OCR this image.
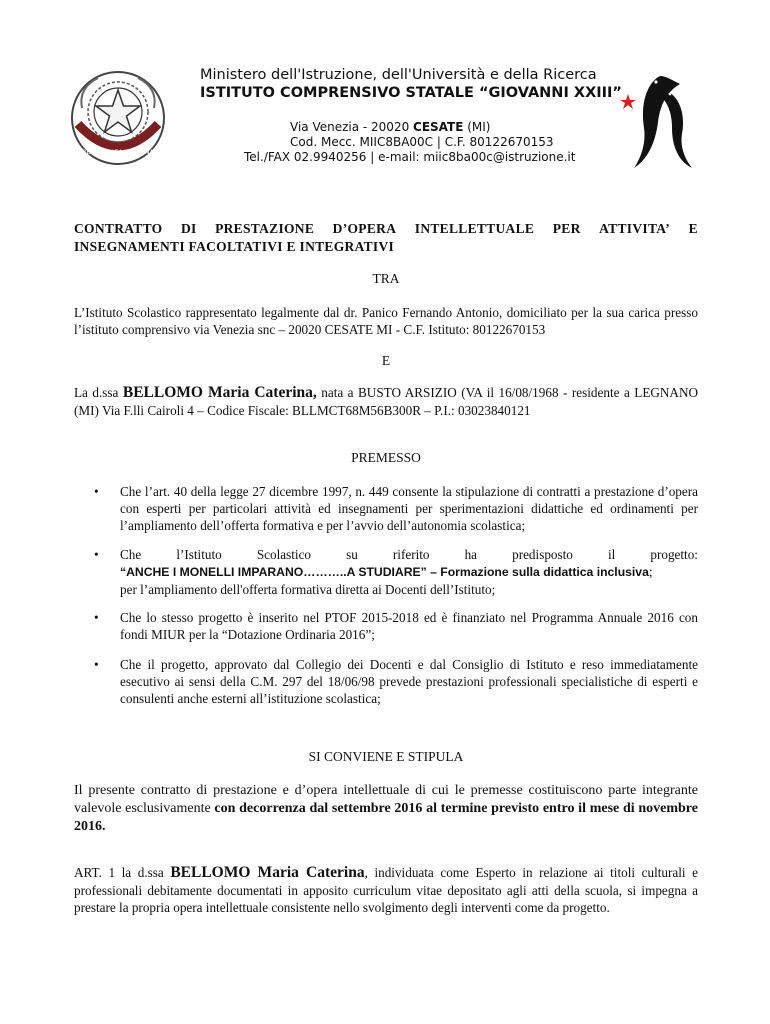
REPUBBLICA ITALIANA
Ministero dell'Istruzione, dell'Università e della Ricerca
ISTITUTO COMPRENSIVO STATALE “GIOVANNI XXIII”
Via Venezia - 20020 CESATE (MI)
Cod. Mecc. MIIC8BA00C | C.F. 80122670153
Tel./FAX 02.9940256 | e-mail: miic8ba00c@istruzione.it
CONTRATTO DI PRESTAZIONE D’OPERA INTELLETTUALE PER ATTIVITA’ E
INSEGNAMENTI FACOLTATIVI E INTEGRATIVI
TRA
L’Istituto Scolastico rappresentato legalmente dal dr. Panico Fernando Antonio, domiciliato per la sua carica presso l’istituto comprensivo via Venezia snc – 20020 CESATE MI - C.F. Istituto: 80122670153
E
La d.ssa BELLOMO Maria Caterina, nata a BUSTO ARSIZIO (VA il 16/08/1968 - residente a LEGNANO (MI) Via F.lli Cairoli 4 – Codice Fiscale: BLLMCT68M56B300R – P.I.: 03023840121
PREMESSO
• Che l’art. 40 della legge 27 dicembre 1997, n. 449 consente la stipulazione di contratti a prestazione d’opera con esperti per particolari attività ed insegnamenti per sperimentazioni didattiche ed ordinamenti per l’ampliamento dell’offerta formativa e per l’avvio dell’autonomia scolastica;
• Che	l’Istituto	Scolastico	su	riferito	ha	predisposto	il	progetto:
“ANCHE I MONELLI IMPARANO………..A STUDIARE” – Formazione sulla didattica inclusiva;
per l’ampliamento dell'offerta formativa diretta ai Docenti dell’Istituto;
• Che lo stesso progetto è inserito nel PTOF 2015-2018 ed è finanziato nel Programma Annuale 2016 con fondi MIUR per la “Dotazione Ordinaria 2016”;
• Che il progetto, approvato dal Collegio dei Docenti e dal Consiglio di Istituto e reso immediatamente esecutivo ai sensi della C.M. 297 del 18/06/98 prevede prestazioni professionali specialistiche di esperti e consulenti anche esterni all’istituzione scolastica;
SI CONVIENE E STIPULA
Il presente contratto di prestazione e d’opera intellettuale di cui le premesse costituiscono parte integrante valevole esclusivamente con decorrenza dal settembre 2016 al termine previsto entro il mese di novembre 2016.
ART. 1 la d.ssa BELLOMO Maria Caterina, individuata come Esperto in relazione ai titoli culturali e professionali debitamente documentati in apposito curriculum vitae depositato agli atti della scuola, si impegna a prestare la propria opera intellettuale consistente nello svolgimento degli interventi come da progetto.
